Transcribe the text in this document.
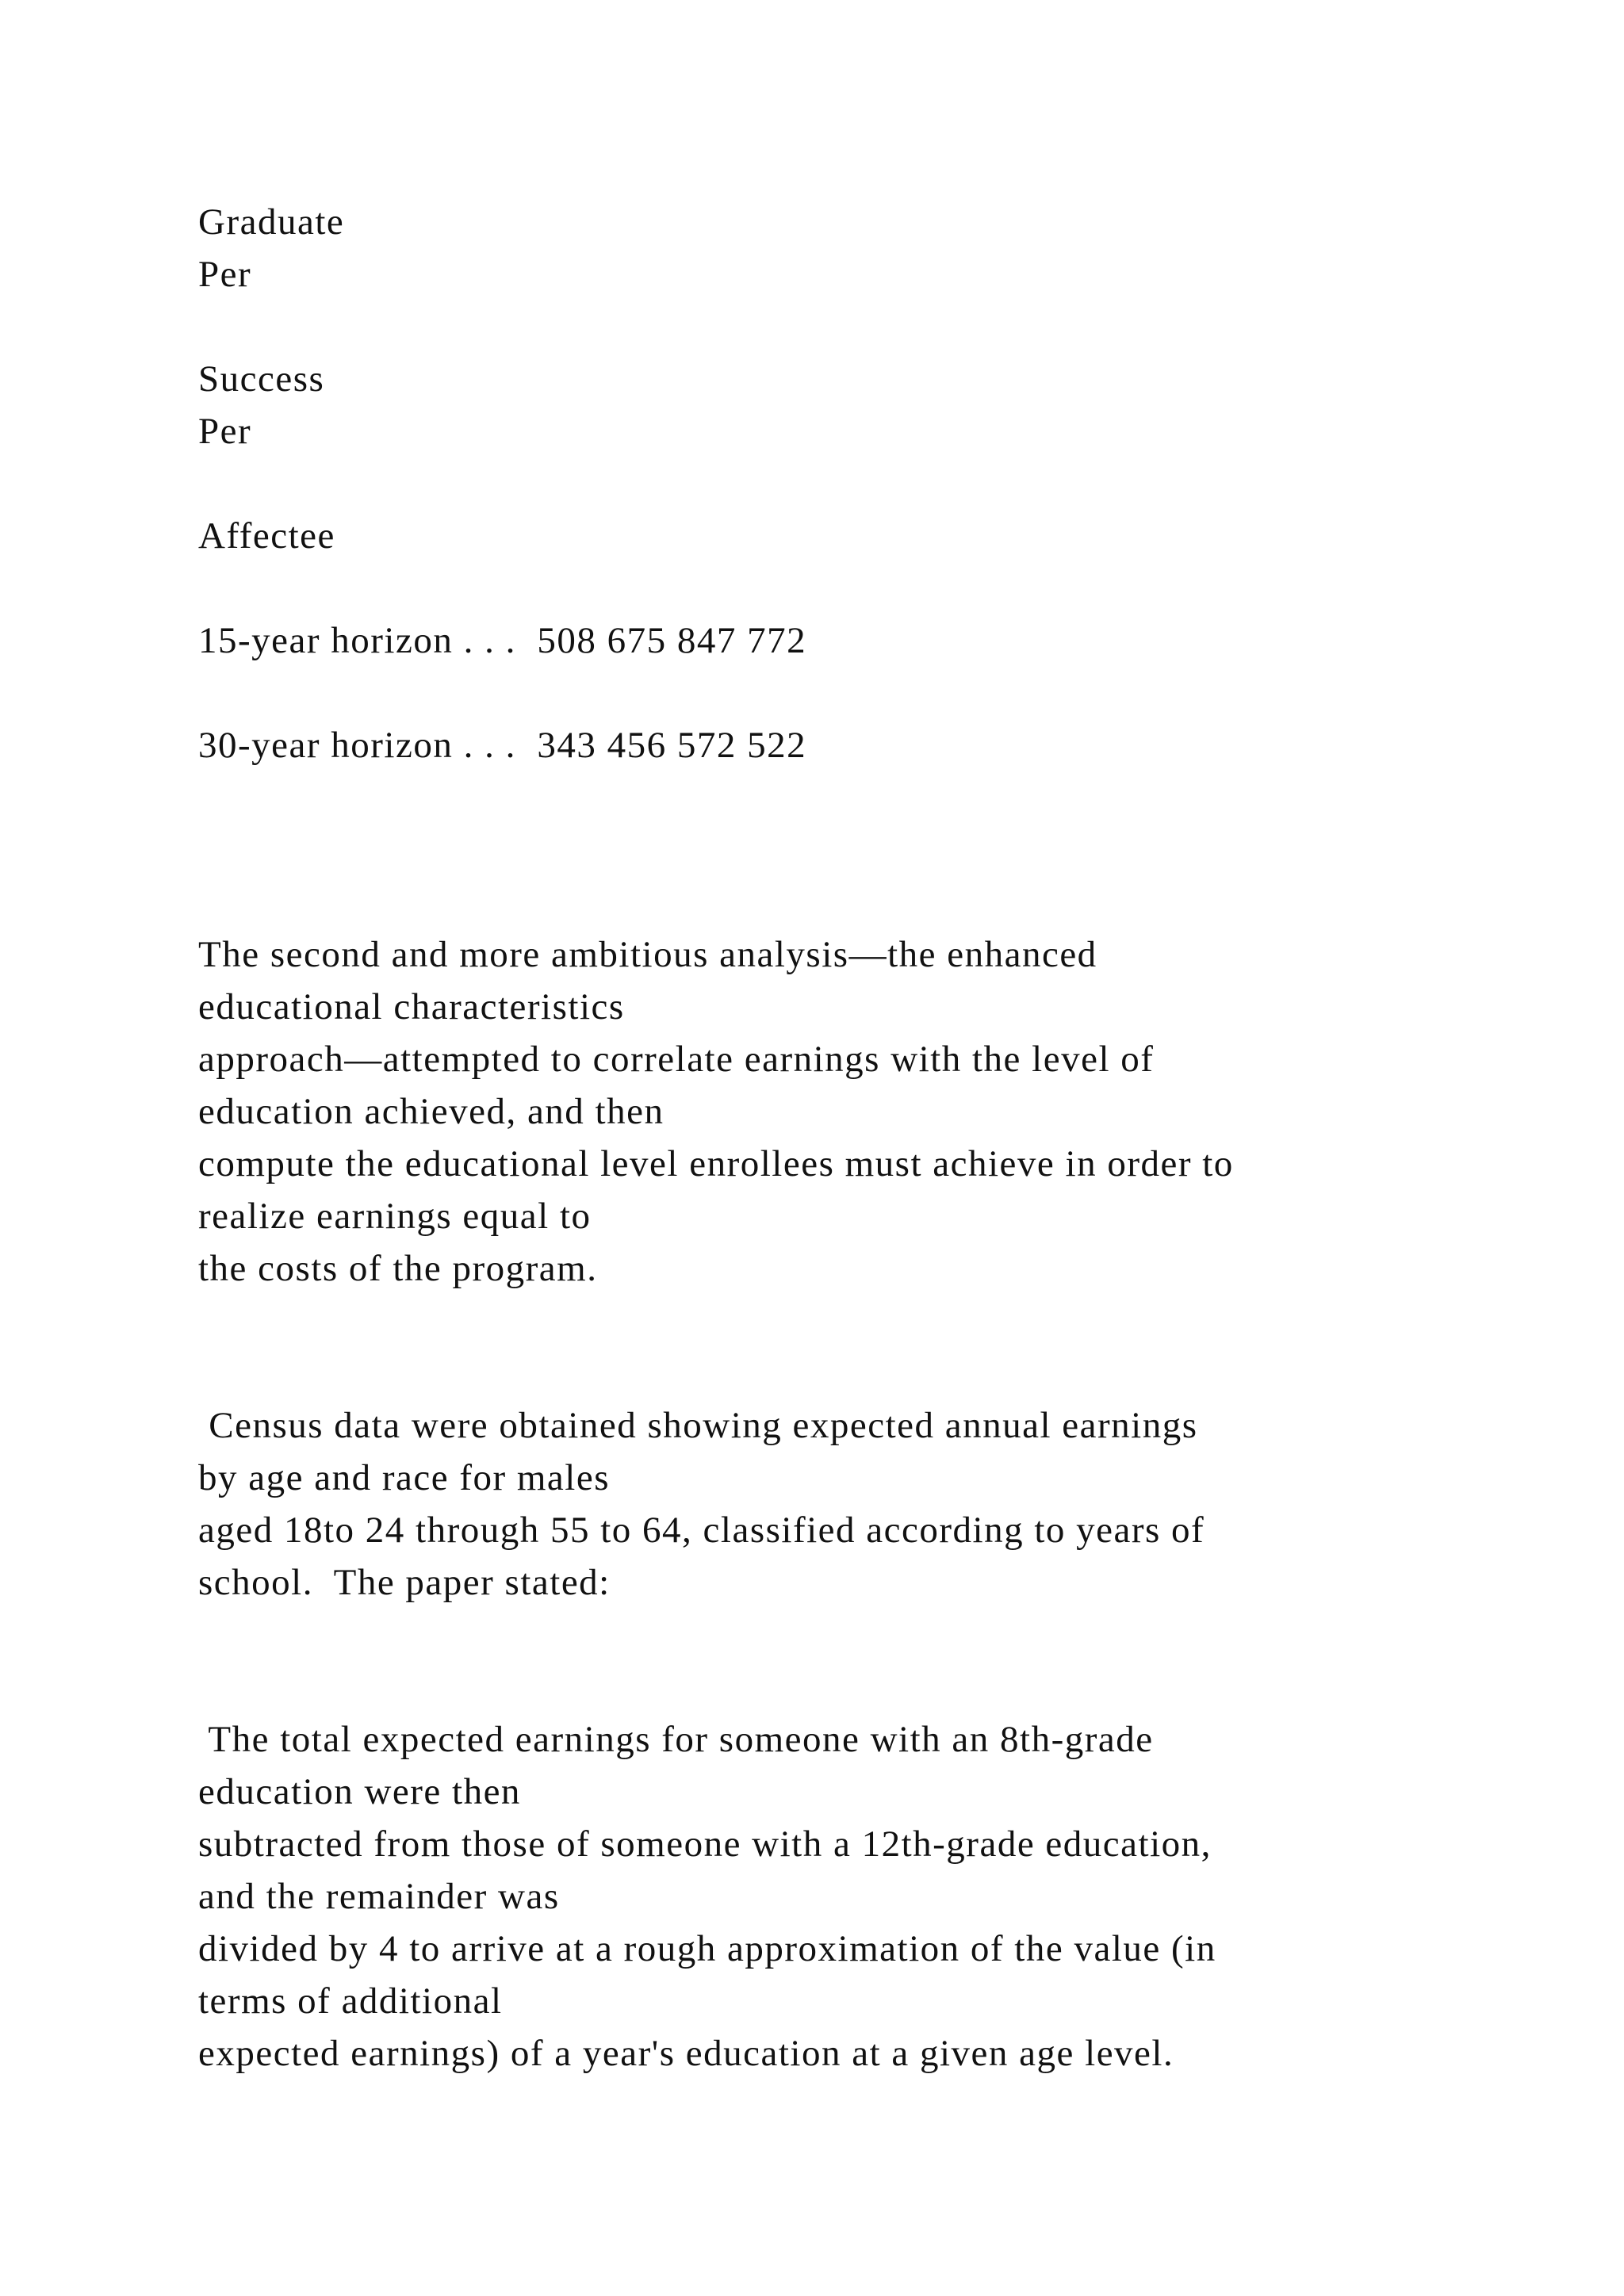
Graduate
Per
Success
Per
Affectee
15-year horizon . . .  508 675 847 772
30-year horizon . . .  343 456 572 522
The second and more ambitious analysis—the enhanced
educational characteristics
approach—attempted to correlate earnings with the level of
education achieved, and then
compute the educational level enrollees must achieve in order to
realize earnings equal to
the costs of the program.
Census data were obtained showing expected annual earnings
by age and race for males
aged 18to 24 through 55 to 64, classified according to years of
school.  The paper stated:
The total expected earnings for someone with an 8th-grade
education were then
subtracted from those of someone with a 12th-grade education,
and the remainder was
divided by 4 to arrive at a rough approximation of the value (in
terms of additional
expected earnings) of a year's education at a given age level.
